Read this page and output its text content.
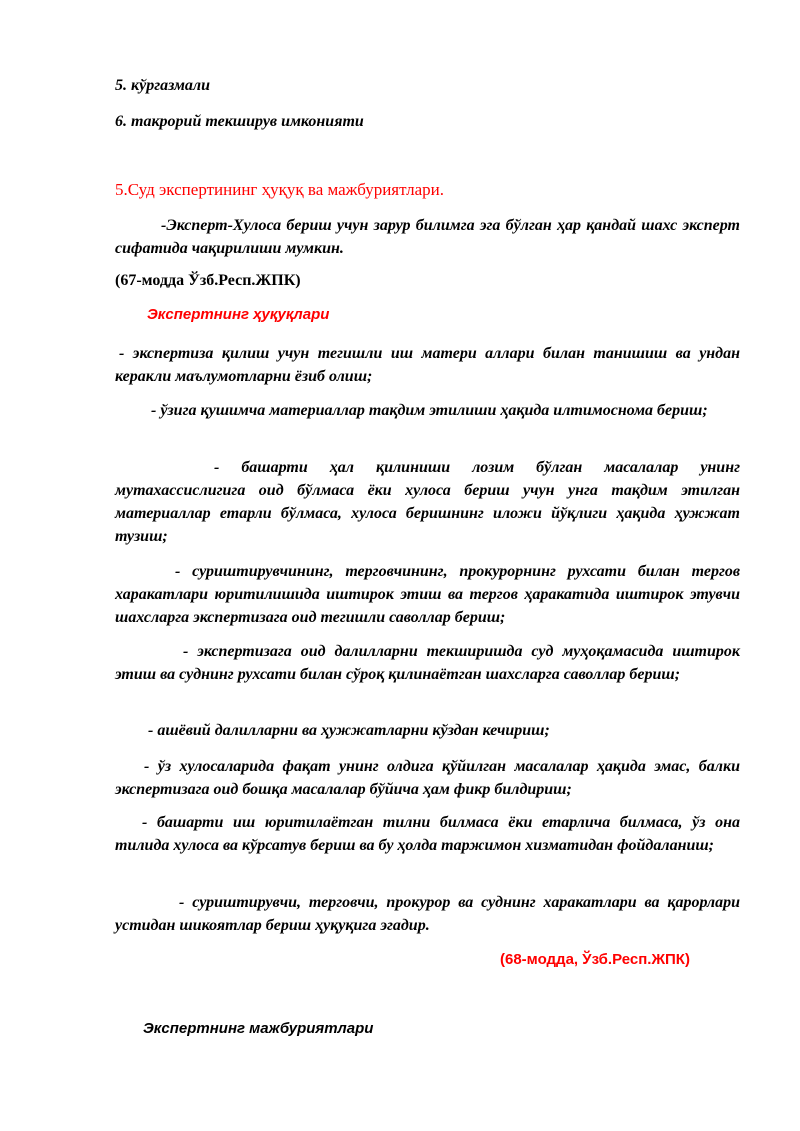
5. кўргазмали

6. такрорий текширув имконияти

5.Суд экспертининг ҳуқуқ ва мажбуриятлари.

-Эксперт-Хулоса бериш учун зарур билимга эга бўлган ҳар қандай шахс эксперт сифатида чақирилиши мумкин.

(67-модда Ўзб.Респ.ЖПК)

Экспертнинг ҳуқуқлари

- экспертиза қилиш учун тегишли иш матери аллари билан танишиш ва ундан керакли маълумотларни ёзиб олиш;

- ўзига қушимча материаллар тақдим этилиши ҳақида илтимоснома бериш;

- башарти ҳал қилиниши лозим бўлган масалалар унинг мутахассислигига оид бўлмаса ёки хулоса бериш учун унга тақдим этилган материаллар етарли бўлмаса, хулоса беришнинг иложи йўқлиги ҳақида ҳужжат тузиш;

- суриштирувчининг, терговчининг, прокурорнинг рухсати билан тергов харакатлари юритилишида иштирок этиш ва тергов ҳаракатида иштирок этувчи шахсларга экспертизага оид тегишли саволлар бериш;

- экспертизага оид далилларни текширишда суд муҳоқамасида иштирок этиш ва суднинг рухсати билан сўроқ қилинаётган шахсларга саволлар бериш;

- ашёвий далилларни ва ҳужжатларни кўздан кечириш;

- ўз хулосаларида фақат унинг олдига қўйилган масалалар ҳақида эмас, балки экспертизага оид бошқа масалалар бўйича ҳам фикр билдириш;

- башарти иш юритилаётган тилни билмаса ёки етарлича билмаса, ўз она тилида хулоса ва кўрсатув бериш ва бу ҳолда таржимон хизматидан фойдаланиш;

- суриштирувчи, терговчи, прокурор ва суднинг харакатлари ва қарорлари устидан шикоятлар бериш ҳуқуқига эгадир.

(68-модда, Ўзб.Респ.ЖПК)

Экспертнинг мажбуриятлари
